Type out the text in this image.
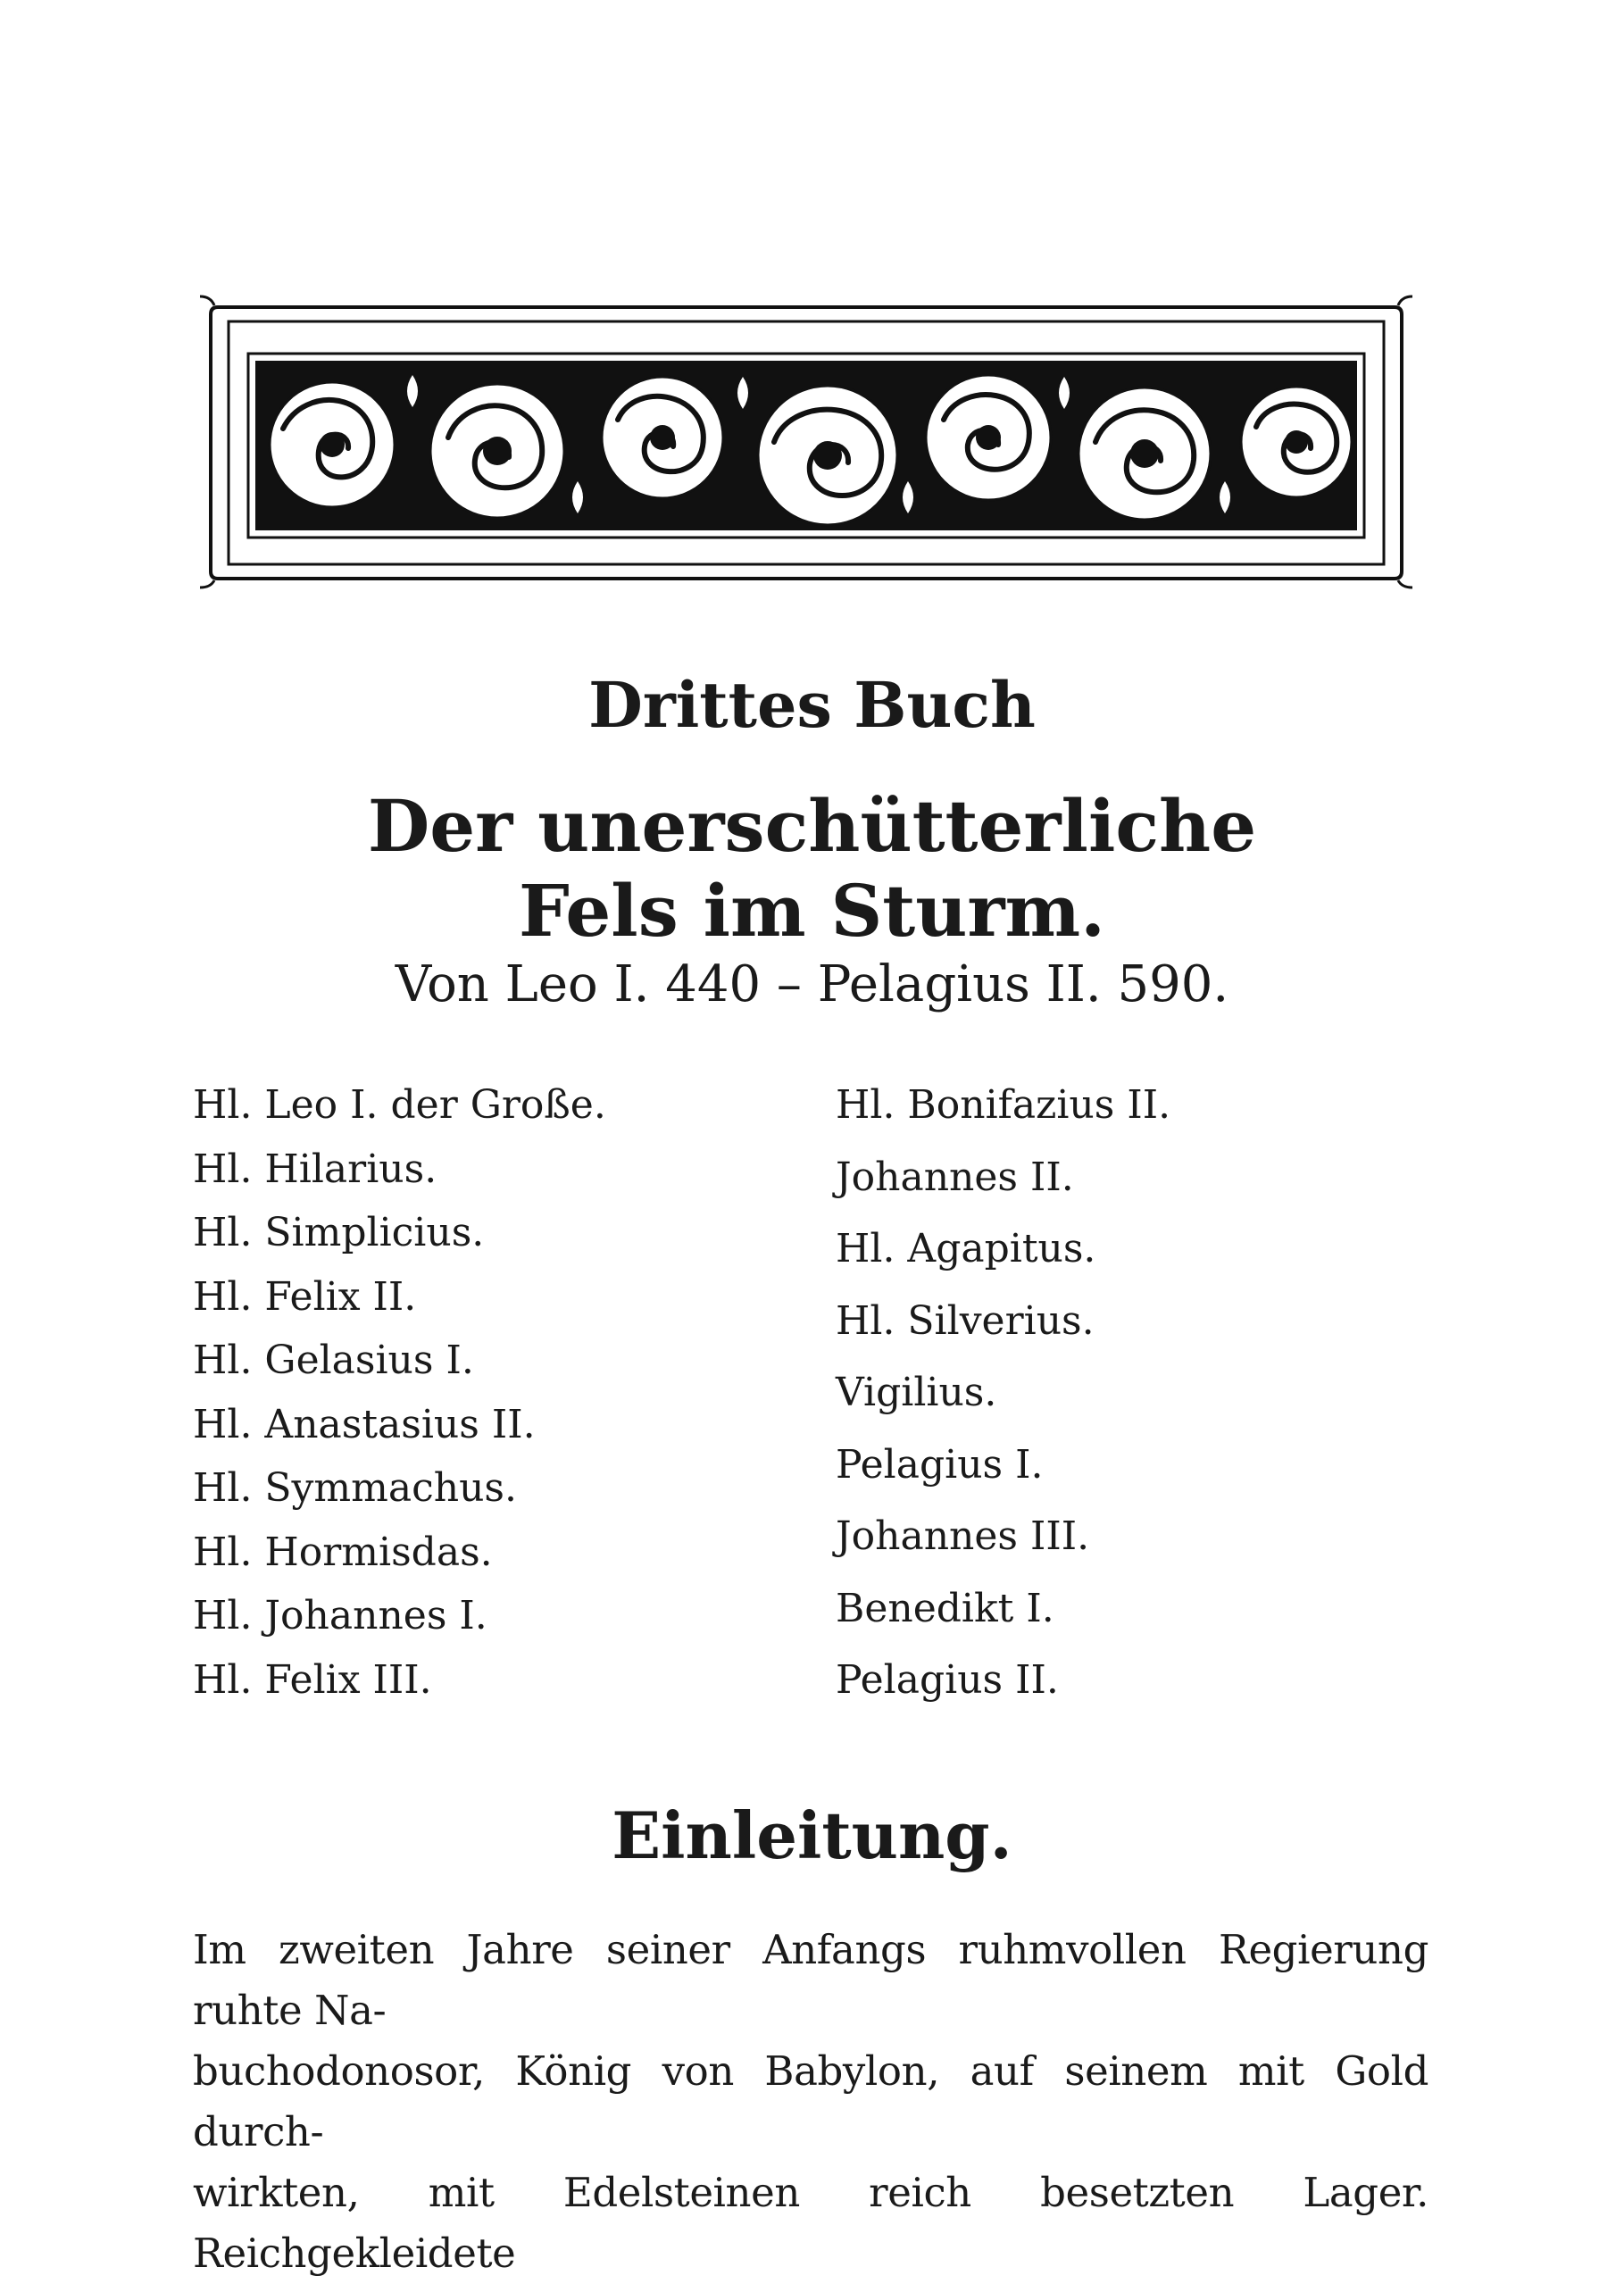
Drittes Buch
Der unerschütterliche
Fels im Sturm.
Von Leo I. 440 – Pelagius II. 590.
Hl. Leo I. der Große.
Hl. Hilarius.
Hl. Simplicius.
Hl. Felix II.
Hl. Gelasius I.
Hl. Anastasius II.
Hl. Symmachus.
Hl. Hormisdas.
Hl. Johannes I.
Hl. Felix III.
Hl. Bonifazius II.
Johannes II.
Hl. Agapitus.
Hl. Silverius.
Vigilius.
Pelagius I.
Johannes III.
Benedikt I.
Pelagius II.
Einleitung.
Im zweiten Jahre seiner Anfangs ruhmvollen Regierung ruhte Na-
buchodonosor, König von Babylon, auf seinem mit Gold durch-
wirkten, mit Edelsteinen reich besetzten Lager. Reichgekleidete
